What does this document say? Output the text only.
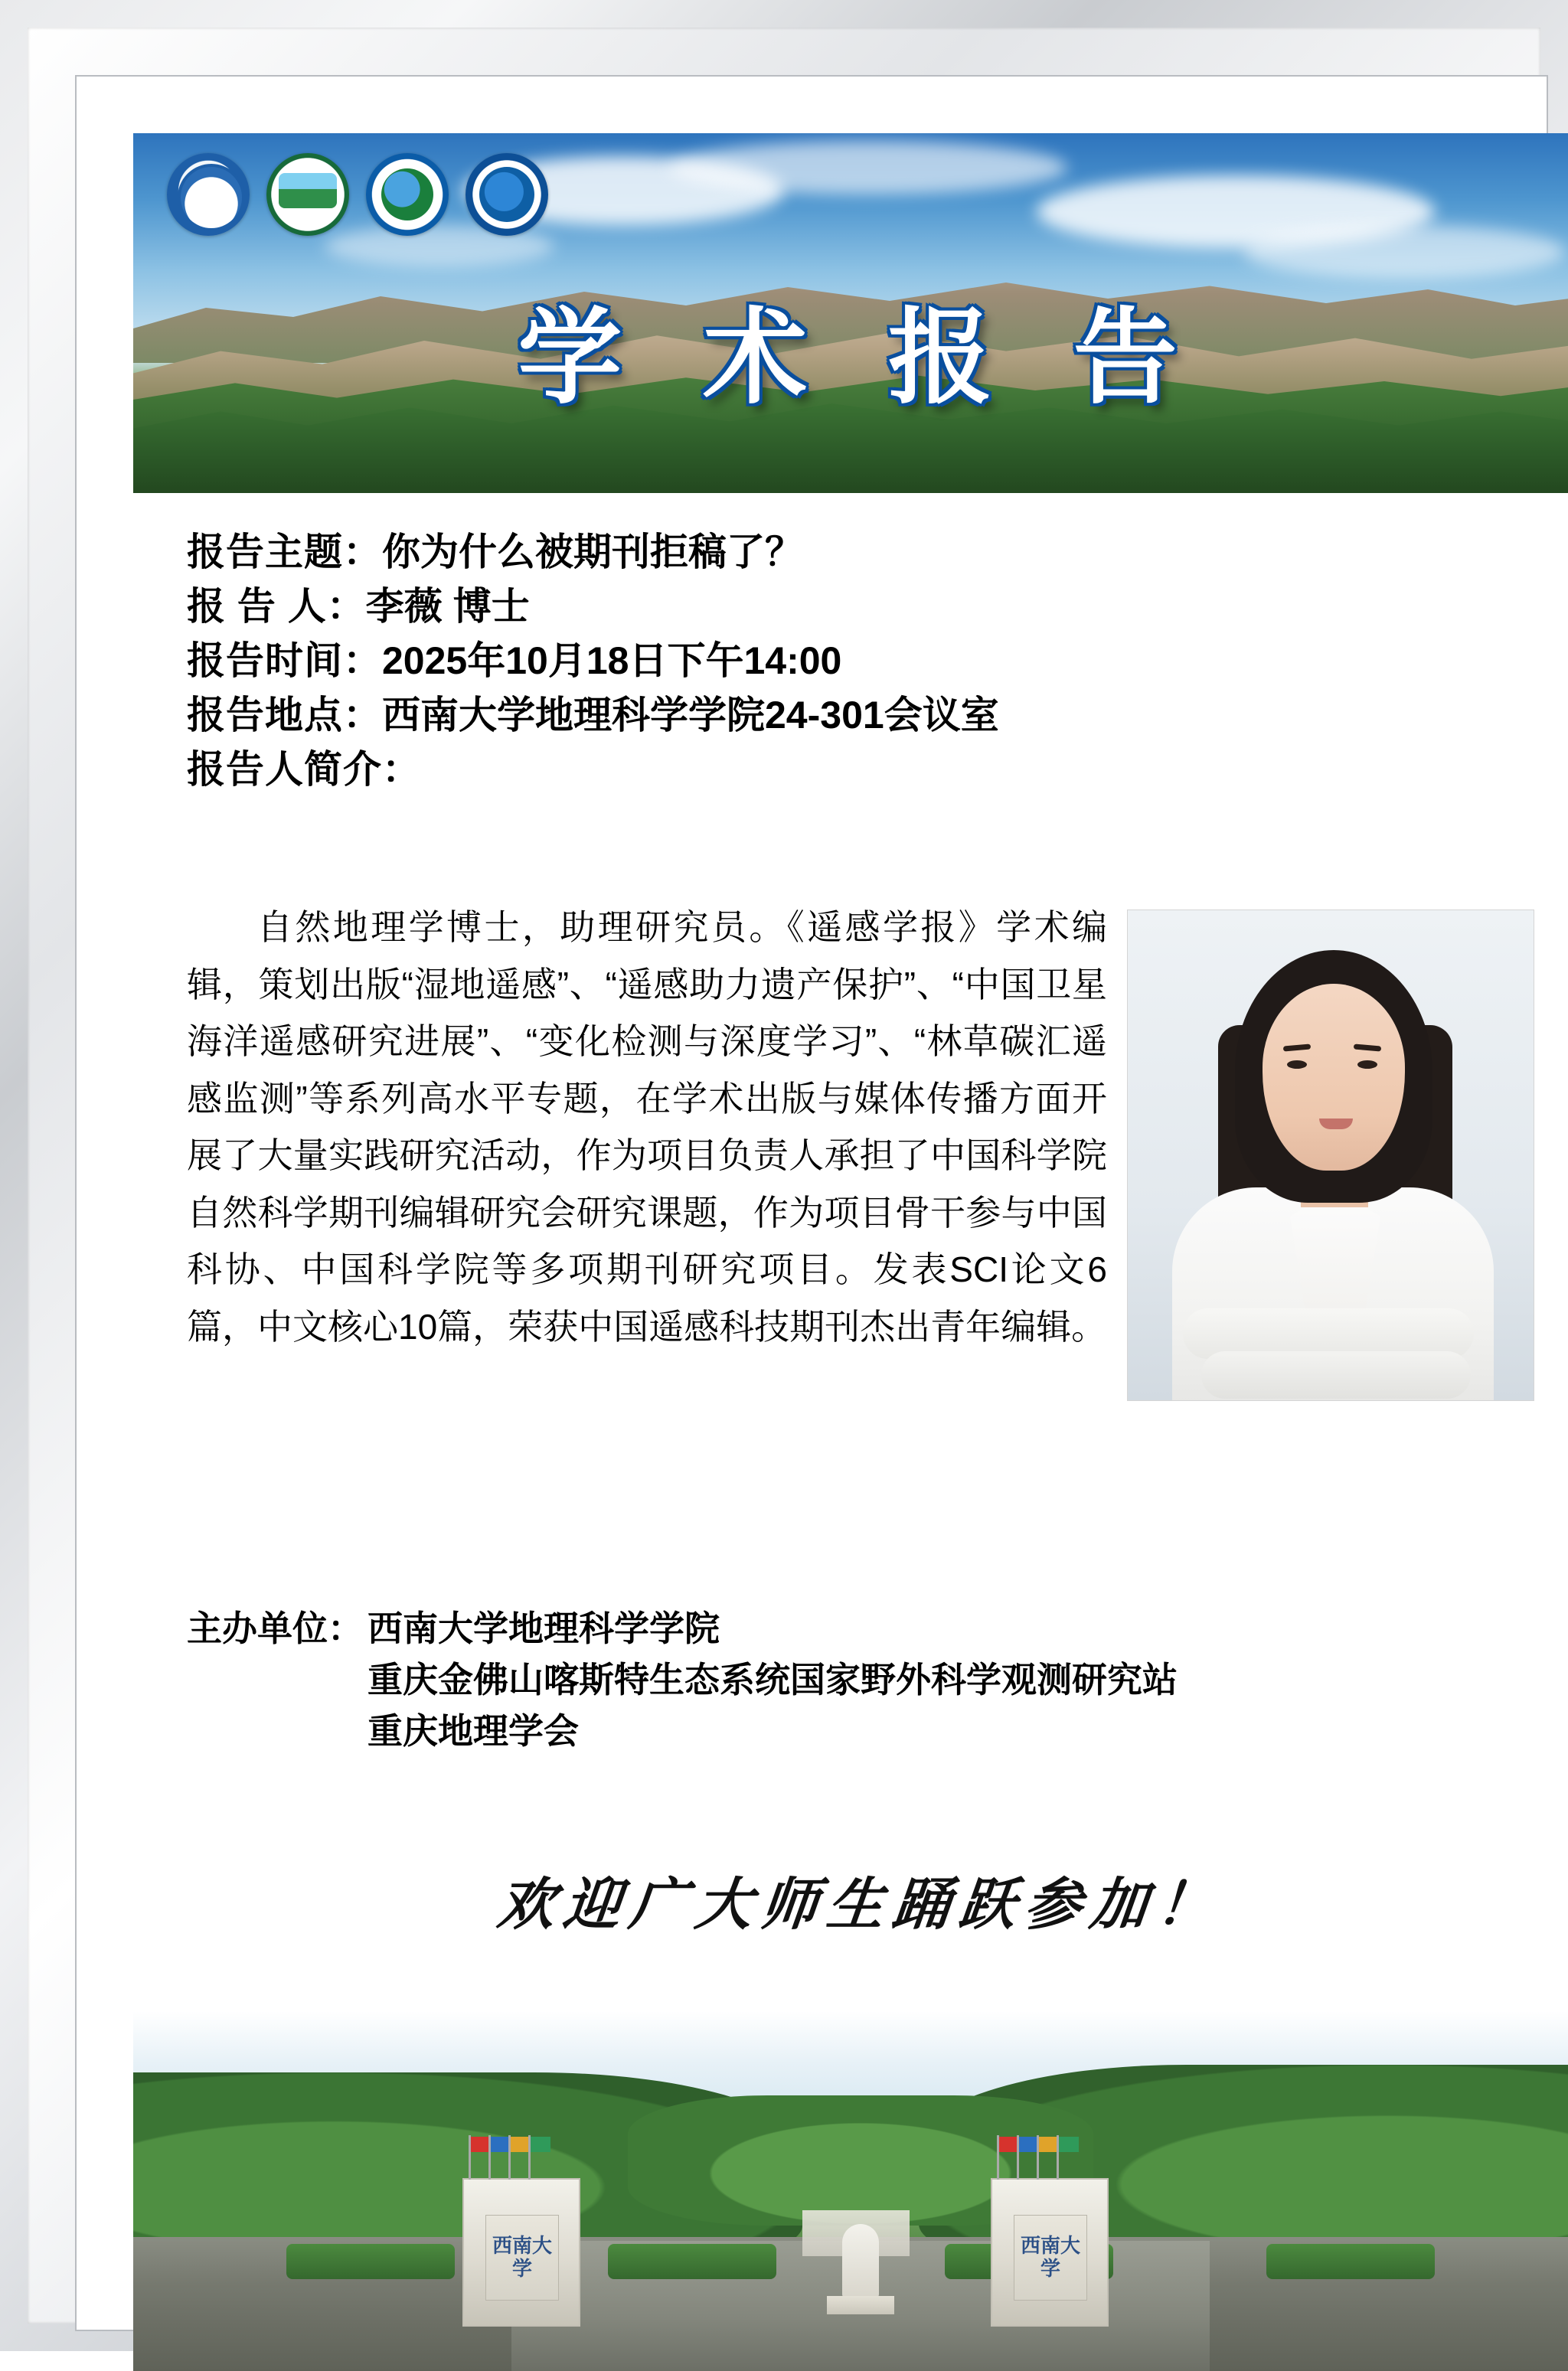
学 术 报 告
报告主题：你为什么被期刊拒稿了？
报 告 人：李薇 博士
报告时间：2025年10月18日下午14:00
报告地点：西南大学地理科学学院24-301会议室
报告人简介：
自然地理学博士，助理研究员。《遥感学报》学术编辑，策划出版“湿地遥感”、“遥感助力遗产保护”、“中国卫星海洋遥感研究进展”、“变化检测与深度学习”、“林草碳汇遥感监测”等系列高水平专题，在学术出版与媒体传播方面开展了大量实践研究活动，作为项目负责人承担了中国科学院自然科学期刊编辑研究会研究课题，作为项目骨干参与中国科协、中国科学院等多项期刊研究项目。发表SCI论文6篇，中文核心10篇，荣获中国遥感科技期刊杰出青年编辑。
主办单位： 西南大学地理科学学院
重庆金佛山喀斯特生态系统国家野外科学观测研究站
重庆地理学会
欢迎广大师生踊跃参加！
西南大学
西南大学
